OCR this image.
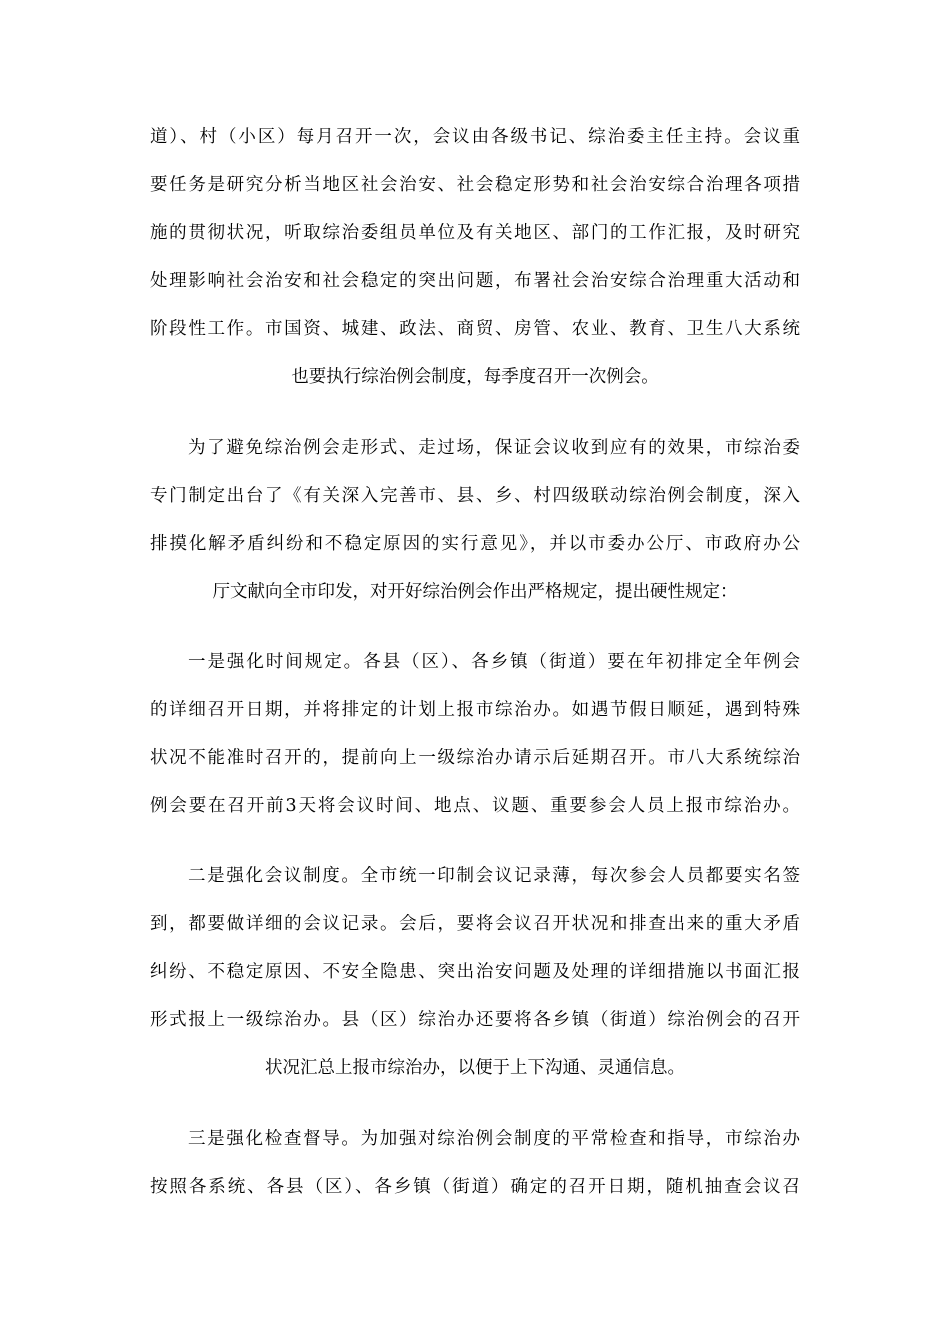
道）、村（小区）每月召开一次，会议由各级书记、综治委主任主持。会议重
要任务是研究分析当地区社会治安、社会稳定形势和社会治安综合治理各项措
施的贯彻状况，听取综治委组员单位及有关地区、部门的工作汇报，及时研究
处理影响社会治安和社会稳定的突出问题，布署社会治安综合治理重大活动和
阶段性工作。市国资、城建、政法、商贸、房管、农业、教育、卫生八大系统
也要执行综治例会制度，每季度召开一次例会。
为了避免综治例会走形式、走过场，保证会议收到应有的效果，市综治委
专门制定出台了《有关深入完善市、县、乡、村四级联动综治例会制度，深入
排摸化解矛盾纠纷和不稳定原因的实行意见》，并以市委办公厅、市政府办公
厅文献向全市印发，对开好综治例会作出严格规定，提出硬性规定：
一是强化时间规定。各县（区）、各乡镇（街道）要在年初排定全年例会
的详细召开日期，并将排定的计划上报市综治办。如遇节假日顺延，遇到特殊
状况不能准时召开的，提前向上一级综治办请示后延期召开。市八大系统综治
例会要在召开前3天将会议时间、地点、议题、重要参会人员上报市综治办。
二是强化会议制度。全市统一印制会议记录薄，每次参会人员都要实名签
到，都要做详细的会议记录。会后，要将会议召开状况和排查出来的重大矛盾
纠纷、不稳定原因、不安全隐患、突出治安问题及处理的详细措施以书面汇报
形式报上一级综治办。县（区）综治办还要将各乡镇（街道）综治例会的召开
状况汇总上报市综治办，以便于上下沟通、灵通信息。
三是强化检查督导。为加强对综治例会制度的平常检查和指导，市综治办
按照各系统、各县（区）、各乡镇（街道）确定的召开日期，随机抽查会议召
